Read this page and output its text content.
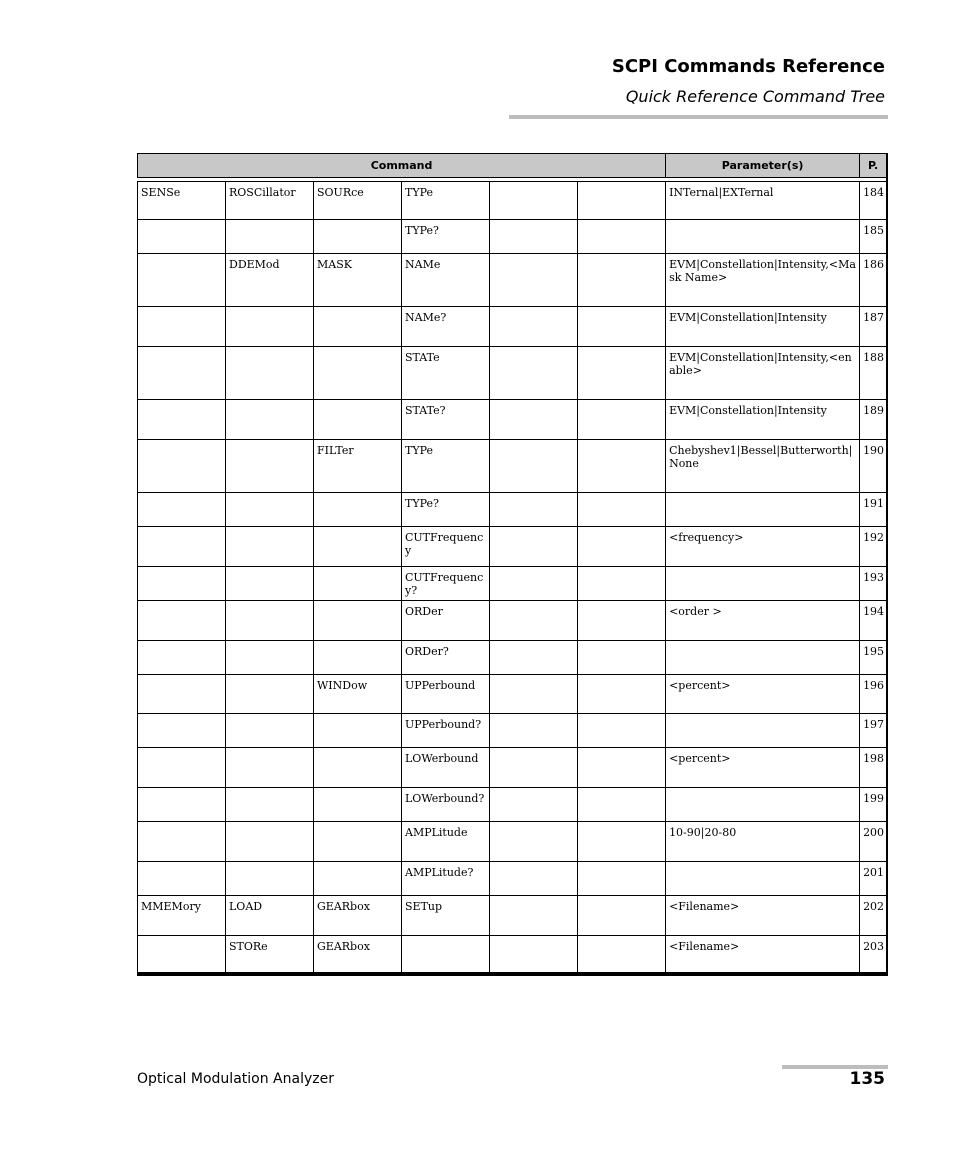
SCPI Commands Reference
Quick Reference Command Tree
Command						Parameter(s)	P.

SENSe	ROSCillator	SOURce	TYPe			INTernal|EXTernal	184
			TYPe?				185
	DDEMod	MASK	NAMe			EVM|Constellation|Intensity,<Mask Name>	186
			NAMe?			EVM|Constellation|Intensity	187
			STATe			EVM|Constellation|Intensity,<enable>	188
			STATe?			EVM|Constellation|Intensity	189
		FILTer	TYPe			Chebyshev1|Bessel|Butterworth|None	190
			TYPe?				191
			CUTFrequency			<frequency>	192
			CUTFrequency?				193
			ORDer			<order >	194
			ORDer?				195
		WINDow	UPPerbound			<percent>	196
			UPPerbound?				197
			LOWerbound			<percent>	198
			LOWerbound?				199
			AMPLitude			10-90|20-80	200
			AMPLitude?				201
MMEMory	LOAD	GEARbox	SETup			<Filename>	202
	STORe	GEARbox				<Filename>	203
Optical Modulation Analyzer	135
